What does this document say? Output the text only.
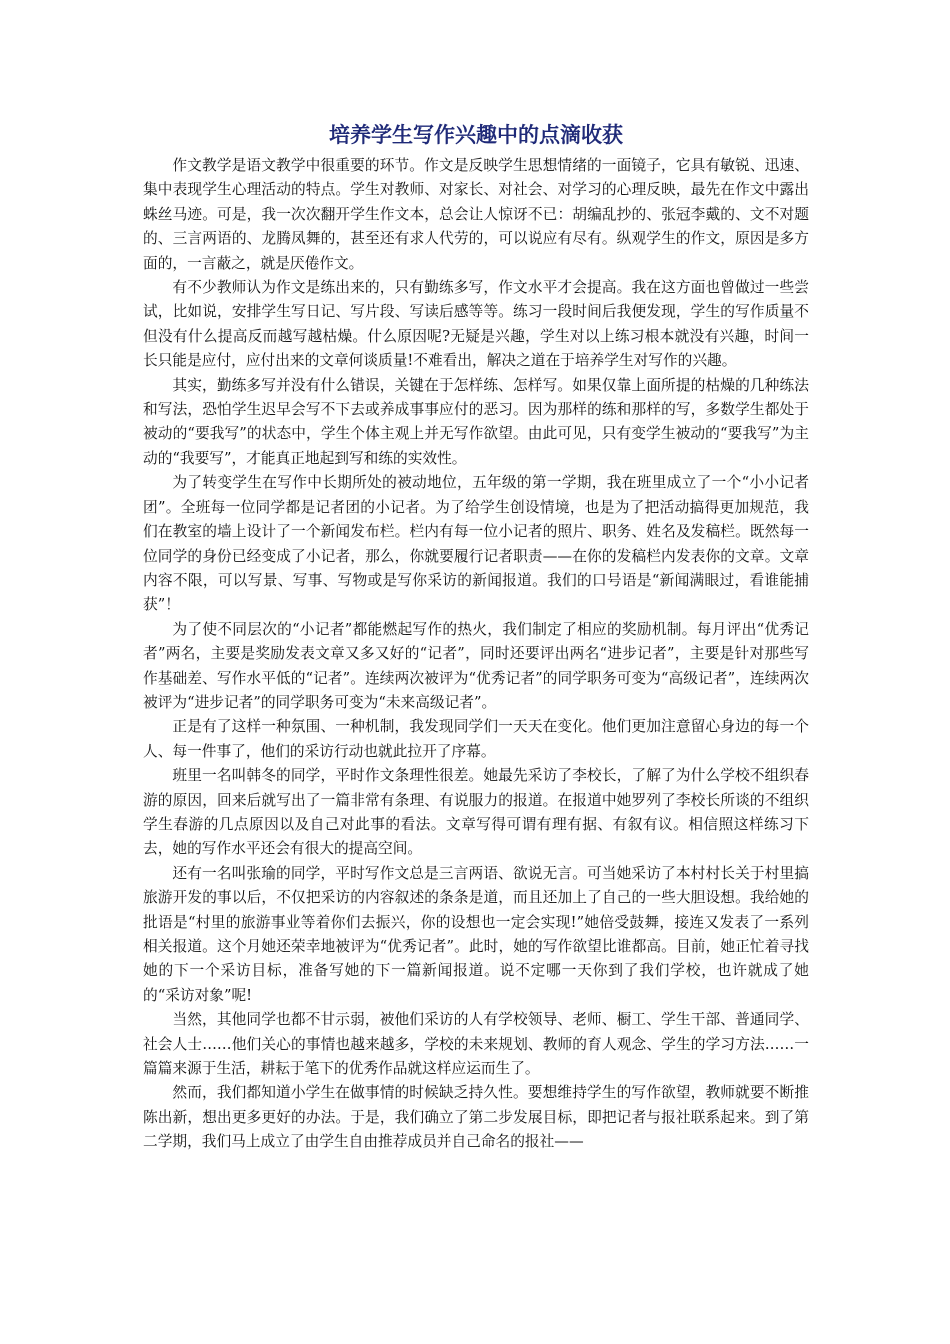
培养学生写作兴趣中的点滴收获

作文教学是语文教学中很重要的环节。作文是反映学生思想情绪的一面镜子，它具有敏锐、迅速、集中表现学生心理活动的特点。学生对教师、对家长、对社会、对学习的心理反映，最先在作文中露出蛛丝马迹。可是，我一次次翻开学生作文本，总会让人惊讶不已：胡编乱抄的、张冠李戴的、文不对题的、三言两语的、龙腾凤舞的，甚至还有求人代劳的，可以说应有尽有。纵观学生的作文，原因是多方面的，一言蔽之，就是厌倦作文。

有不少教师认为作文是练出来的，只有勤练多写，作文水平才会提高。我在这方面也曾做过一些尝试，比如说，安排学生写日记、写片段、写读后感等等。练习一段时间后我便发现，学生的写作质量不但没有什么提高反而越写越枯燥。什么原因呢?无疑是兴趣，学生对以上练习根本就没有兴趣，时间一长只能是应付，应付出来的文章何谈质量!不难看出，解决之道在于培养学生对写作的兴趣。

其实，勤练多写并没有什么错误，关键在于怎样练、怎样写。如果仅靠上面所提的枯燥的几种练法和写法，恐怕学生迟早会写不下去或养成事事应付的恶习。因为那样的练和那样的写，多数学生都处于被动的“要我写”的状态中，学生个体主观上并无写作欲望。由此可见，只有变学生被动的“要我写”为主动的“我要写”，才能真正地起到写和练的实效性。

为了转变学生在写作中长期所处的被动地位，五年级的第一学期，我在班里成立了一个“小小记者团”。全班每一位同学都是记者团的小记者。为了给学生创设情境，也是为了把活动搞得更加规范，我们在教室的墙上设计了一个新闻发布栏。栏内有每一位小记者的照片、职务、姓名及发稿栏。既然每一位同学的身份已经变成了小记者，那么，你就要履行记者职责——在你的发稿栏内发表你的文章。文章内容不限，可以写景、写事、写物或是写你采访的新闻报道。我们的口号语是“新闻满眼过，看谁能捕获”！

为了使不同层次的“小记者”都能燃起写作的热火，我们制定了相应的奖励机制。每月评出“优秀记者”两名，主要是奖励发表文章又多又好的“记者”，同时还要评出两名“进步记者”，主要是针对那些写作基础差、写作水平低的“记者”。连续两次被评为“优秀记者”的同学职务可变为“高级记者”，连续两次被评为“进步记者”的同学职务可变为“未来高级记者”。

正是有了这样一种氛围、一种机制，我发现同学们一天天在变化。他们更加注意留心身边的每一个人、每一件事了，他们的采访行动也就此拉开了序幕。

班里一名叫韩冬的同学，平时作文条理性很差。她最先采访了李校长，了解了为什么学校不组织春游的原因，回来后就写出了一篇非常有条理、有说服力的报道。在报道中她罗列了李校长所谈的不组织学生春游的几点原因以及自己对此事的看法。文章写得可谓有理有据、有叙有议。相信照这样练习下去，她的写作水平还会有很大的提高空间。

还有一名叫张瑜的同学，平时写作文总是三言两语、欲说无言。可当她采访了本村村长关于村里搞旅游开发的事以后，不仅把采访的内容叙述的条条是道，而且还加上了自己的一些大胆设想。我给她的批语是“村里的旅游事业等着你们去振兴，你的设想也一定会实现!”她倍受鼓舞，接连又发表了一系列相关报道。这个月她还荣幸地被评为“优秀记者”。此时，她的写作欲望比谁都高。目前，她正忙着寻找她的下一个采访目标，准备写她的下一篇新闻报道。说不定哪一天你到了我们学校，也许就成了她的“采访对象”呢!

当然，其他同学也都不甘示弱，被他们采访的人有学校领导、老师、橱工、学生干部、普通同学、社会人士……他们关心的事情也越来越多，学校的未来规划、教师的育人观念、学生的学习方法……一篇篇来源于生活，耕耘于笔下的优秀作品就这样应运而生了。

然而，我们都知道小学生在做事情的时候缺乏持久性。要想维持学生的写作欲望，教师就要不断推陈出新，想出更多更好的办法。于是，我们确立了第二步发展目标，即把记者与报社联系起来。到了第二学期，我们马上成立了由学生自由推荐成员并自己命名的报社——
